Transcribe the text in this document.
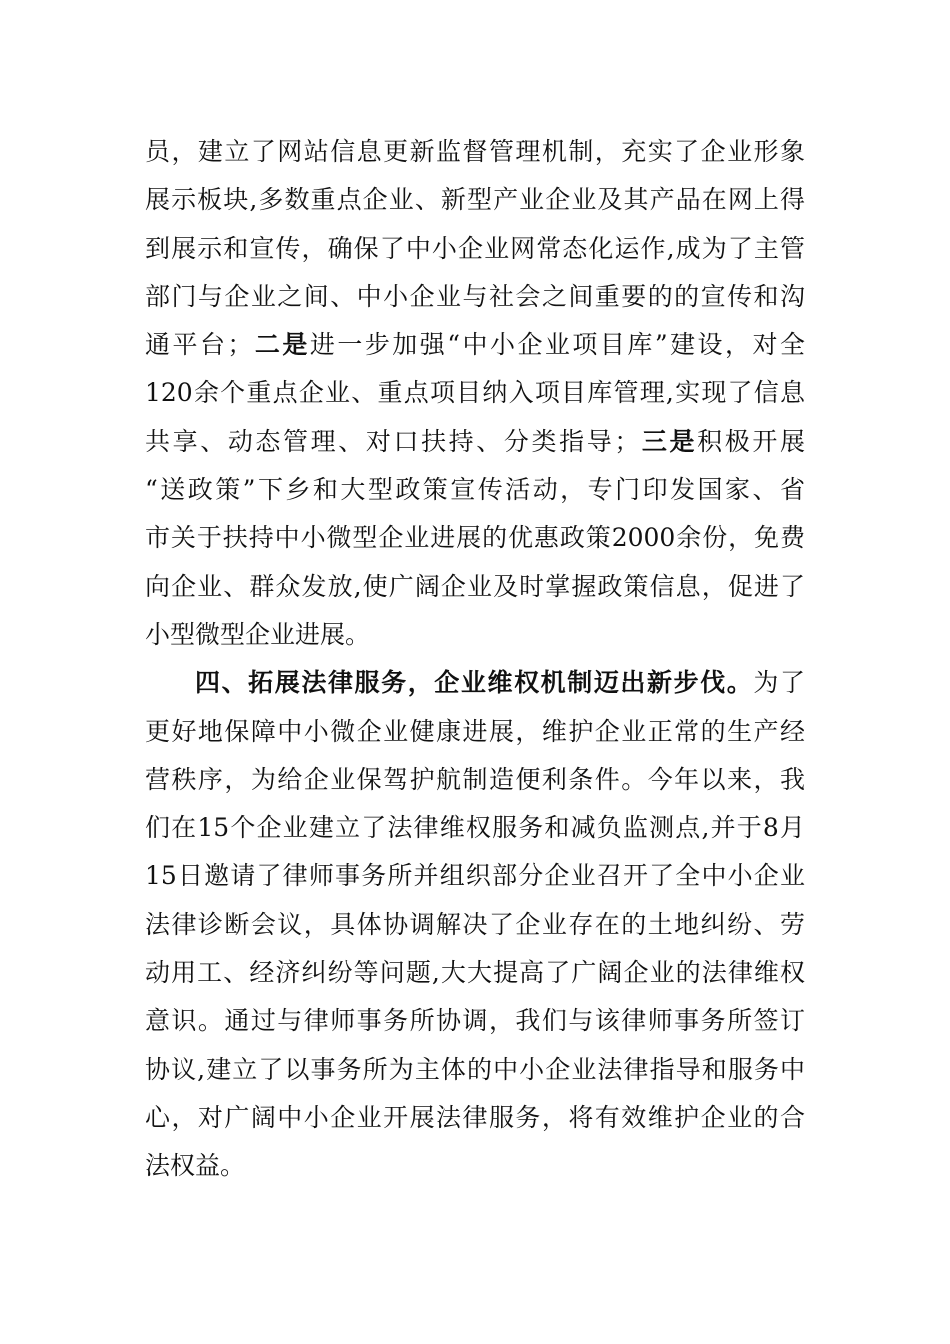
员，建立了网站信息更新监督管理机制，充实了企业形象
展示板块,多数重点企业、新型产业企业及其产品在网上得
到展示和宣传，确保了中小企业网常态化运作,成为了主管
部门与企业之间、中小企业与社会之间重要的的宣传和沟
通平台；二是进一步加强“中小企业项目库”建设，对全
120余个重点企业、重点项目纳入项目库管理,实现了信息
共享、动态管理、对口扶持、分类指导；三是积极开展
“送政策”下乡和大型政策宣传活动，专门印发国家、省
市关于扶持中小微型企业进展的优惠政策2000余份，免费
向企业、群众发放,使广阔企业及时掌握政策信息，促进了
小型微型企业进展。
四、拓展法律服务，企业维权机制迈出新步伐。为了
更好地保障中小微企业健康进展，维护企业正常的生产经
营秩序，为给企业保驾护航制造便利条件。今年以来，我
们在15个企业建立了法律维权服务和减负监测点,并于8月
15日邀请了律师事务所并组织部分企业召开了全中小企业
法律诊断会议，具体协调解决了企业存在的土地纠纷、劳
动用工、经济纠纷等问题,大大提高了广阔企业的法律维权
意识。通过与律师事务所协调，我们与该律师事务所签订
协议,建立了以事务所为主体的中小企业法律指导和服务中
心，对广阔中小企业开展法律服务，将有效维护企业的合
法权益。
